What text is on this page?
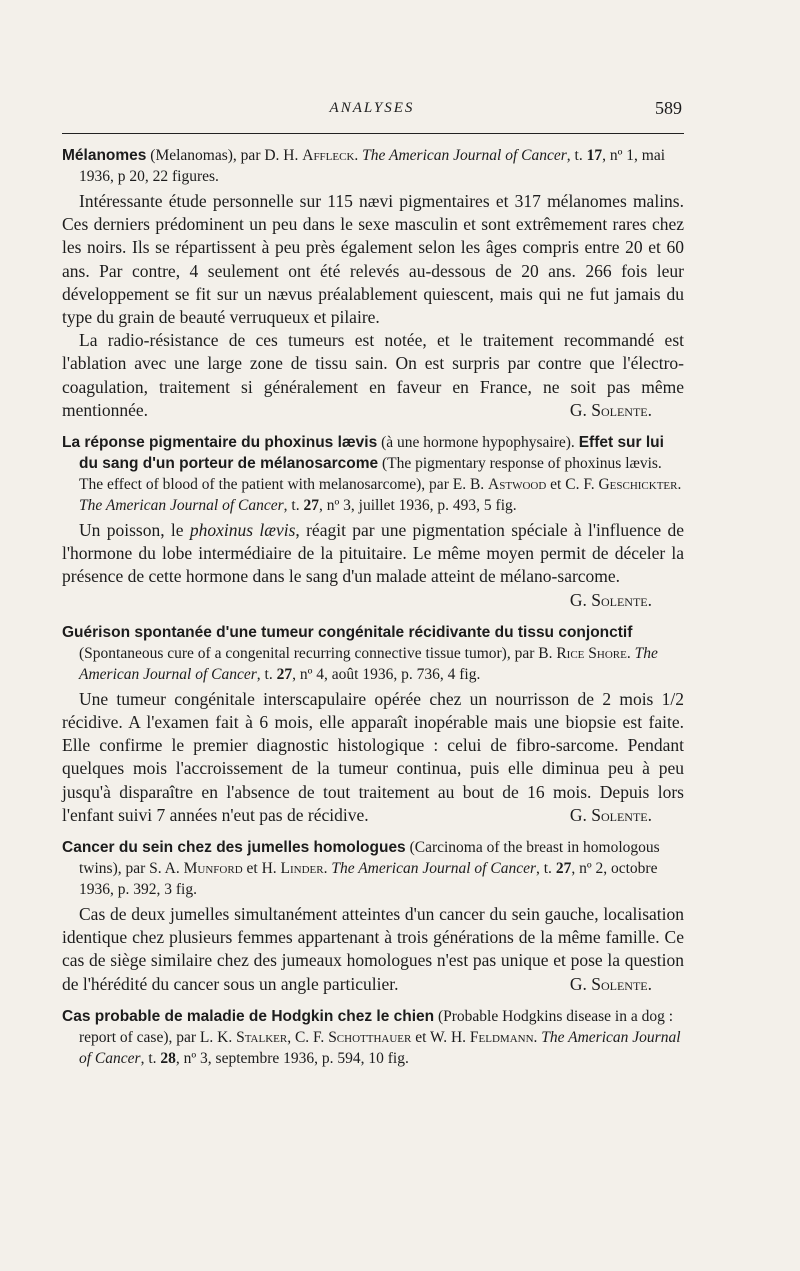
ANALYSES	589

Mélanomes (Melanomas), par D. H. Affleck. The American Journal of Cancer, t. 17, nº 1, mai 1936, p 20, 22 figures.

Intéressante étude personnelle sur 115 nævi pigmentaires et 317 mélanomes malins. Ces derniers prédominent un peu dans le sexe masculin et sont extrêmement rares chez les noirs. Ils se répartissent à peu près également selon les âges compris entre 20 et 60 ans. Par contre, 4 seulement ont été relevés au-dessous de 20 ans. 266 fois leur développement se fit sur un nævus préalablement quiescent, mais qui ne fut jamais du type du grain de beauté verruqueux et pilaire.

La radio-résistance de ces tumeurs est notée, et le traitement recommandé est l'ablation avec une large zone de tissu sain. On est surpris par contre que l'électro-coagulation, traitement si généralement en faveur en France, ne soit pas même mentionnée.	G. Solente.

La réponse pigmentaire du phoxinus lævis (à une hormone hypophysaire). Effet sur lui du sang d'un porteur de mélanosarcome (The pigmentary response of phoxinus lævis. The effect of blood of the patient with melanosarcome), par E. B. Astwood et C. F. Geschickter. The American Journal of Cancer, t. 27, nº 3, juillet 1936, p. 493, 5 fig.

Un poisson, le phoxinus lævis, réagit par une pigmentation spéciale à l'influence de l'hormone du lobe intermédiaire de la pituitaire. Le même moyen permit de déceler la présence de cette hormone dans le sang d'un malade atteint de mélano-sarcome.
G. Solente.

Guérison spontanée d'une tumeur congénitale récidivante du tissu conjonctif (Spontaneous cure of a congenital recurring connective tissue tumor), par B. Rice Shore. The American Journal of Cancer, t. 27, nº 4, août 1936, p. 736, 4 fig.

Une tumeur congénitale interscapulaire opérée chez un nourrisson de 2 mois 1/2 récidive. A l'examen fait à 6 mois, elle apparaît inopérable mais une biopsie est faite. Elle confirme le premier diagnostic histologique : celui de fibro-sarcome. Pendant quelques mois l'accroissement de la tumeur continua, puis elle diminua peu à peu jusqu'à disparaître en l'absence de tout traitement au bout de 16 mois. Depuis lors l'enfant suivi 7 années n'eut pas de récidive.	G. Solente.

Cancer du sein chez des jumelles homologues (Carcinoma of the breast in homologous twins), par S. A. Munford et H. Linder. The American Journal of Cancer, t. 27, nº 2, octobre 1936, p. 392, 3 fig.

Cas de deux jumelles simultanément atteintes d'un cancer du sein gauche, localisation identique chez plusieurs femmes appartenant à trois générations de la même famille. Ce cas de siège similaire chez des jumeaux homologues n'est pas unique et pose la question de l'hérédité du cancer sous un angle particulier.	G. Solente.

Cas probable de maladie de Hodgkin chez le chien (Probable Hodgkins disease in a dog : report of case), par L. K. Stalker, C. F. Schotthauer et W. H. Feldmann. The American Journal of Cancer, t. 28, nº 3, septembre 1936, p. 594, 10 fig.
